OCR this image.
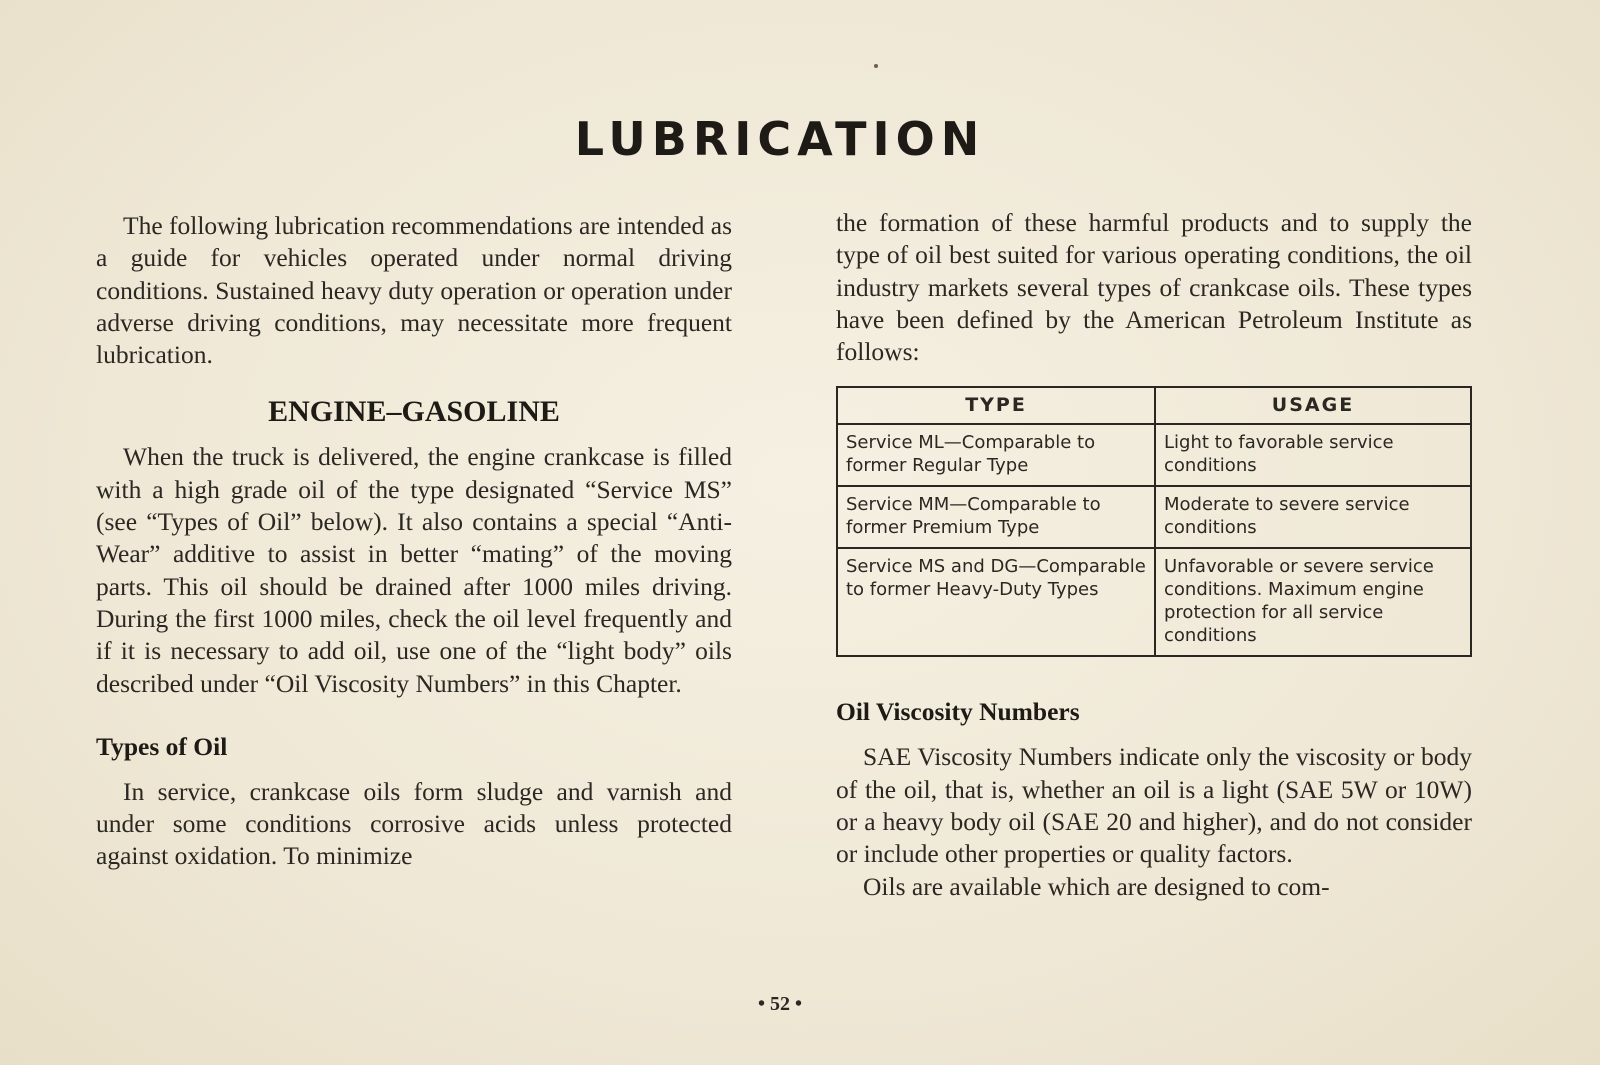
LUBRICATION

The following lubrication recommendations are intended as a guide for vehicles operated under normal driving conditions. Sustained heavy duty operation or operation under adverse driving conditions, may necessitate more frequent lubrication.

ENGINE–GASOLINE

When the truck is delivered, the engine crankcase is filled with a high grade oil of the type designated “Service MS” (see “Types of Oil” below). It also contains a special “Anti-Wear” additive to assist in better “mating” of the moving parts. This oil should be drained after 1000 miles driving. During the first 1000 miles, check the oil level frequently and if it is necessary to add oil, use one of the “light body” oils described under “Oil Viscosity Numbers” in this Chapter.

Types of Oil

In service, crankcase oils form sludge and varnish and under some conditions corrosive acids unless protected against oxidation. To minimize

the formation of these harmful products and to supply the type of oil best suited for various operating conditions, the oil industry markets several types of crankcase oils. These types have been defined by the American Petroleum Institute as follows:

TYPE	USAGE
Service ML—Comparable to former Regular Type	Light to favorable service conditions
Service MM—Comparable to former Premium Type	Moderate to severe service conditions
Service MS and DG—Comparable to former Heavy-Duty Types	Unfavorable or severe service conditions. Maximum engine protection for all service conditions
Oil Viscosity Numbers

SAE Viscosity Numbers indicate only the viscosity or body of the oil, that is, whether an oil is a light (SAE 5W or 10W) or a heavy body oil (SAE 20 and higher), and do not consider or include other properties or quality factors.

Oils are available which are designed to com-

• 52 •
